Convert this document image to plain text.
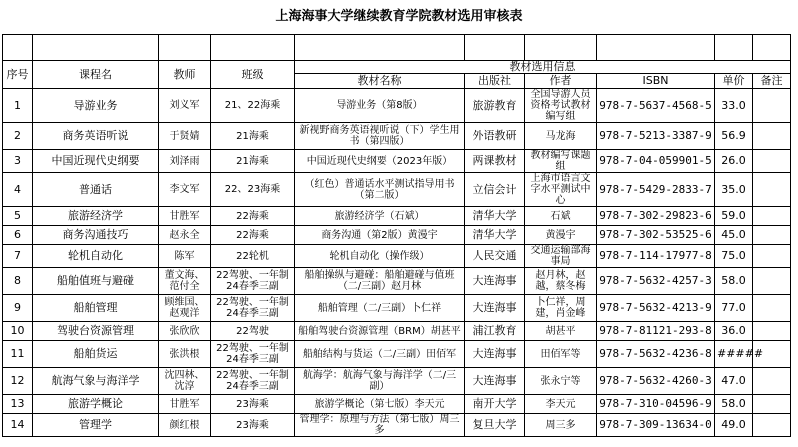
上海海事大学继续教育学院教材选用审核表

序号	课程名	教师	班级	教材选用信息					
				教材名称	出版社	作者	ISBN	单价	备注
1	导游业务	刘义军	21、22海乘	导游业务（第8版）	旅游教育	全国导游人员资格考试教材编写组	978-7-5637-4568-5	33.0	
2	商务英语听说	于贤婧	21海乘	新视野商务英语视听说（下）学生用书（第四版）	外语教研	马龙海	978-7-5213-3387-9	56.9	
3	中国近现代史纲要	刘泽雨	21海乘	中国近现代史纲要（2023年版）	两课教材	教材编写课题组	978-7-04-059901-5	26.0	
4	普通话	李文军	22、23海乘	（红色）普通话水平测试指导用书（第二版）	立信会计	上海市语言文字水平测试中心	978-7-5429-2833-7	35.0	
5	旅游经济学	甘胜军	22海乘	旅游经济学（石斌）	清华大学	石斌	978-7-302-29823-6	59.0	
6	商务沟通技巧	赵永全	22海乘	商务沟通（第2版）黄漫宇	清华大学	黄漫宇	978-7-302-53525-6	45.0	
7	轮机自动化	陈军	22轮机	轮机自动化（操作级）	人民交通	交通运输部海事局	978-7-114-17977-8	75.0	
8	船舶值班与避碰	董文海、范付全	22驾驶、一年制24春季三副	船舶操纵与避碰：船舶避碰与值班（二/三副）赵月林	大连海事	赵月林，赵越，蔡冬梅	978-7-5632-4257-3	58.0	
9	船舶管理	顾维国、赵观洋	22驾驶、一年制24春季三副	船舶管理（二/三副）卜仁祥	大连海事	卜仁祥，周建，肖金峰	978-7-5632-4213-9	77.0	
10	驾驶台资源管理	张欣欣	22驾驶	船舶驾驶台资源管理（BRM）胡甚平	浦江教育	胡甚平	978-7-81121-293-8	36.0	
11	船舶货运	张洪根	22驾驶、一年制24春季三副	船舶结构与货运（二/三副）田佰军	大连海事	田佰军等	978-7-5632-4236-8	#####	
12	航海气象与海洋学	沈四林、沈淳	22驾驶、一年制24春季三副	航海学：航海气象与海洋学（二/三副）	大连海事	张永宁等	978-7-5632-4260-3	47.0	
13	旅游学概论	甘胜军	23海乘	旅游学概论（第七版）李天元	南开大学	李天元	978-7-310-04596-9	58.0	
14	管理学	颜红根	23海乘	管理学：原理与方法（第七版）周三多	复旦大学	周三多	978-7-309-13634-0	49.0	
